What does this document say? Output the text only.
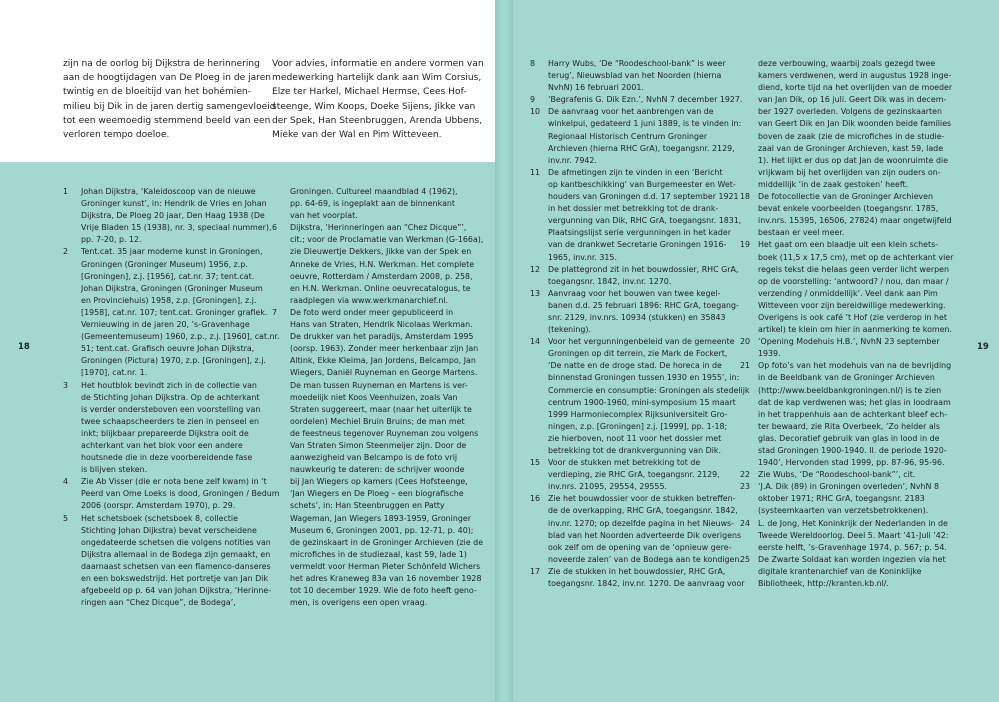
zijn na de oorlog bij Dijkstra de herinnering
aan de hoogtijdagen van De Ploeg in de jaren
twintig en de bloeitijd van het bohémien-
milieu bij Dik in de jaren dertig samengevloeid
tot een weemoedig stemmend beeld van een
verloren tempo doeloe.
Voor advies, informatie en andere vormen van
medewerking hartelijk dank aan Wim Corsius,
Elze ter Harkel, Michael Hermse, Cees Hof-
steenge, Wim Koops, Doeke Sijens, Jikke van
der Spek, Han Steenbruggen, Arenda Ubbens,
Mieke van der Wal en Pim Witteveen.
1	Johan Dijkstra, ‘Kaleidoscoop van de nieuwe
Groninger kunst’, in: Hendrik de Vries en Johan
Dijkstra, De Ploeg 20 jaar, Den Haag 1938 (De
Vrije Bladen 15 (1938), nr. 3, speciaal nummer),
pp. 7-20, p. 12.
2	Tent.cat. 35 jaar moderne kunst in Groningen,
Groningen (Groninger Museum) 1956, z.p.
[Groningen], z.j. [1956], cat.nr. 37; tent.cat.
Johan Dijkstra, Groningen (Groninger Museum
en Provinciehuis) 1958, z.p. [Groningen], z.j.
[1958], cat.nr. 107; tent.cat. Groninger grafiek.
Vernieuwing in de jaren 20, ’s-Gravenhage
(Gemeentemuseum) 1960, z.p., z.j. [1960], cat.nr.
51; tent.cat. Grafisch oeuvre Johan Dijkstra,
Groningen (Pictura) 1970, z.p. [Groningen], z.j.
[1970], cat.nr. 1.
3	Het houtblok bevindt zich in de collectie van
de Stichting Johan Dijkstra. Op de achterkant
is verder ondersteboven een voorstelling van
twee schaapscheerders te zien in penseel en
inkt; blijkbaar prepareerde Dijkstra ooit de
achterkant van het blok voor een andere
houtsnede die in deze voorbereidende fase
is blijven steken.
4	Zie Ab Visser (die er nota bene zelf kwam) in ‘t
Peerd van Ome Loeks is dood, Groningen / Bedum
2006 (oorspr. Amsterdam 1970), p. 29.
5	Het schetsboek (schetsboek 8, collectie
Stichting Johan Dijkstra) bevat verscheidene
ongedateerde schetsen die volgens notities van
Dijkstra allemaal in de Bodega zijn gemaakt, en
daarnaast schetsen van een flamenco-danseres
en een bokswedstrijd. Het portretje van Jan Dik
afgebeeld op p. 64 van Johan Dijkstra, ‘Herinne-
ringen aan “Chez Dicque”, de Bodega’,
Groningen. Cultureel maandblad 4 (1962),
pp. 64-69, is ingeplakt aan de binnenkant
van het voorplat.
6	Dijkstra, ‘Herinneringen aan “Chez Dicque”’,
cit.; voor de Proclamatie van Werkman (G-166a),
zie Dieuwertje Dekkers, Jikke van der Spek en
Anneke de Vries, H.N. Werkman. Het complete
oeuvre, Rotterdam / Amsterdam 2008, p. 258,
en H.N. Werkman. Online oeuvrecatalogus, te
raadplegen via www.werkmanarchief.nl.
7	De foto werd onder meer gepubliceerd in
Hans van Straten, Hendrik Nicolaas Werkman.
De drukker van het paradijs, Amsterdam 1995
(oorsp. 1963). Zonder meer herkenbaar zijn Jan
Altink, Ekke Kleima, Jan Jordens, Belcampo, Jan
Wiegers, Daniël Ruyneman en George Martens.
De man tussen Ruyneman en Martens is ver-
moedelijk niet Koos Veenhuizen, zoals Van
Straten suggereert, maar (naar het uiterlijk te
oordelen) Mechiel Bruin Bruins; de man met
de feestneus tegenover Ruyneman zou volgens
Van Straten Simon Steenmeijer zijn. Door de
aanwezigheid van Belcampo is de foto vrij
nauwkeurig te dateren: de schrijver woonde
bij Jan Wiegers op kamers (Cees Hofsteenge,
‘Jan Wiegers en De Ploeg – een biografische
schets’, in: Han Steenbruggen en Patty
Wageman, Jan Wiegers 1893-1959, Groninger
Museum 6, Groningen 2001, pp. 12-71, p. 40);
de gezinskaart in de Groninger Archieven (zie de
microfiches in de studiezaal, kast 59, lade 1)
vermeldt voor Herman Pieter Schönfeld Wichers
het adres Kraneweg 83a van 16 november 1928
tot 10 december 1929. Wie de foto heeft geno-
men, is overigens een open vraag.
18
8	Harry Wubs, ‘De “Roodeschool-bank” is weer
terug’, Nieuwsblad van het Noorden (hierna
NvhN) 16 februari 2001.
9	‘Begrafenis G. Dik Ezn.’, NvhN 7 december 1927.
10	De aanvraag voor het aanbrengen van de
winkelpui, gedateerd 1 juni 1889, is te vinden in:
Regionaal Historisch Centrum Groninger
Archieven (hierna RHC GrA), toegangsnr. 2129,
inv.nr. 7942.
11	De afmetingen zijn te vinden in een ‘Bericht
op kantbeschikking’ van Burgemeester en Wet-
houders van Groningen d.d. 17 september 1921
in het dossier met betrekking tot de drank-
vergunning van Dik, RHC GrA, toegangsnr. 1831,
Plaatsingslijst serie vergunningen in het kader
van de drankwet Secretarie Groningen 1916-
1965, inv.nr. 315.
12	De plattegrond zit in het bouwdossier, RHC GrA,
toegangsnr. 1842, inv.nr. 1270.
13	Aanvraag voor het bouwen van twee kegel-
banen d.d. 25 februari 1896: RHC GrA, toegang-
snr. 2129, inv.nrs. 10934 (stukken) en 35843
(tekening).
14	Voor het vergunningenbeleid van de gemeente
Groningen op dit terrein, zie Mark de Fockert,
‘De natte en de droge stad. De horeca in de
binnenstad Groningen tussen 1930 en 1955’, in:
Commercie en consumptie: Groningen als stedelijk
centrum 1900-1960, mini-symposium 15 maart
1999 Harmoniecomplex Rijksuniversiteit Gro-
ningen, z.p. [Groningen] z.j. [1999], pp. 1-18;
zie hierboven, noot 11 voor het dossier met
betrekking tot de drankvergunning van Dik.
15	Voor de stukken met betrekking tot de
verdieping, zie RHC GrA, toegangsnr. 2129,
inv.nrs. 21095, 29554, 29555.
16	Zie het bouwdossier voor de stukken betreffen-
de de overkapping, RHC GrA, toegangsnr. 1842,
inv.nr. 1270; op dezelfde pagina in het Nieuws-
blad van het Noorden adverteerde Dik overigens
ook zelf om de opening van de ‘opnieuw gere-
noveerde zalen’ van de Bodega aan te kondigen.
17	Zie de stukken in het bouwdossier, RHC GrA,
toegangsnr. 1842, inv.nr. 1270. De aanvraag voor
deze verbouwing, waarbij zoals gezegd twee
kamers verdwenen, werd in augustus 1928 inge-
diend, korte tijd na het overlijden van de moeder
van Jan Dik, op 16 juli. Geert Dik was in decem-
ber 1927 overleden. Volgens de gezinskaarten
van Geert Dik en Jan Dik woonden beide families
boven de zaak (zie de microfiches in de studie-
zaal van de Groninger Archieven, kast 59, lade
1). Het lijkt er dus op dat Jan de woonruimte die
vrijkwam bij het overlijden van zijn ouders on-
middellijk ‘in de zaak gestoken’ heeft.
18	De fotocollectie van de Groninger Archieven
bevat enkele voorbeelden (toegangsnr. 1785,
inv.nrs. 15395, 16506, 27824) maar ongetwijfeld
bestaan er veel meer.
19	Het gaat om een blaadje uit een klein schets-
boek (11,5 x 17,5 cm), met op de achterkant vier
regels tekst die helaas geen verder licht werpen
op de voorstelling: ‘antwoord? / nou, dan maar /
verzending / onmiddellijk’. Veel dank aan Pim
Witteveen voor zijn bereidwillige medewerking.
Overigens is ook café ’t Hof (zie verderop in het
artikel) te klein om hier in aanmerking te komen.
20	‘Opening Modehuis H.B.’, NvhN 23 september
1939.
21	Op foto’s van het modehuis van na de bevrijding
in de Beeldbank van de Groninger Archieven
(http://www.beeldbankgroningen.nl/) is te zien
dat de kap verdwenen was; het glas in loodraam
in het trappenhuis aan de achterkant bleef ech-
ter bewaard, zie Rita Overbeek, ‘Zo helder als
glas. Decoratief gebruik van glas in lood in de
stad Groningen 1900-1940. II. de periode 1920-
1940’, Hervonden stad 1999, pp. 87-96, 95-96.
22	Zie Wubs, ‘De “Roodeschool-bank”’, cit.
23	‘J.A. Dik (89) in Groningen overleden’, NvhN 8
oktober 1971; RHC GrA, toegangsnr. 2183
(systeemkaarten van verzetsbetrokkenen).
24	L. de Jong, Het Koninkrijk der Nederlanden in de
Tweede Wereldoorlog. Deel 5. Maart ’41-Juli ’42:
eerste helft, ’s-Gravenhage 1974, p. 567; p. 54.
25	De Zwarte Soldaat kan worden ingezien via het
digitale krantenarchief van de Koninklijke
Bibliotheek, http://kranten.kb.nl/.
19
